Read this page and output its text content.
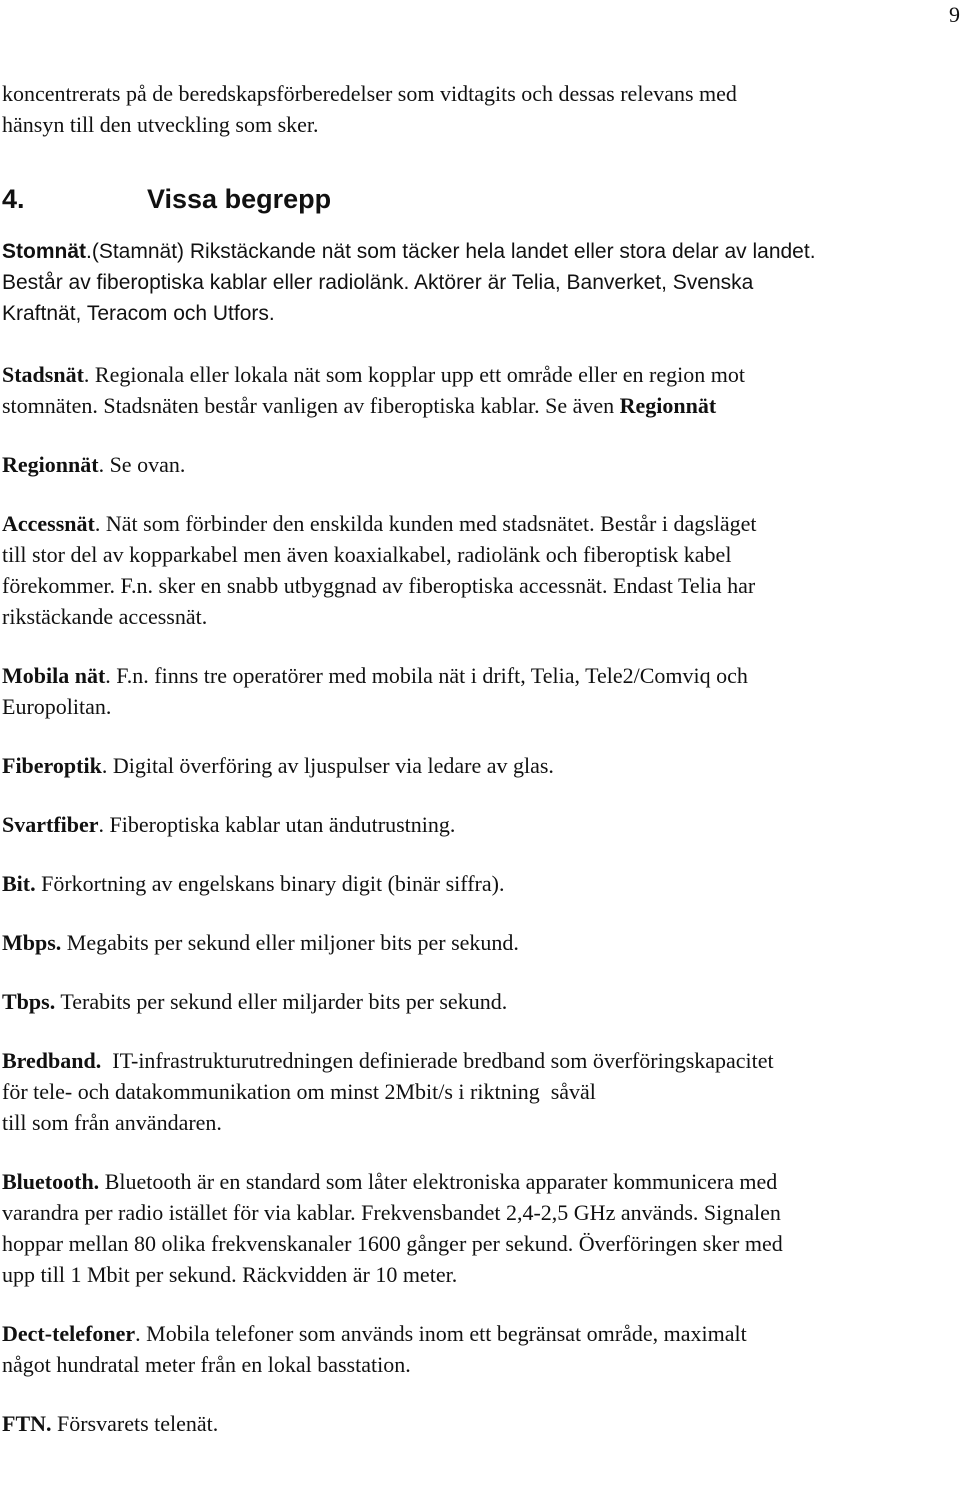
9

koncentrerats på de beredskapsförberedelser som vidtagits och dessas relevans med
hänsyn till den utveckling som sker.

4.	Vissa begrepp

Stomnät.(Stamnät) Rikstäckande nät som täcker hela landet eller stora delar av landet.
Består av fiberoptiska kablar eller radiolänk. Aktörer är Telia, Banverket, Svenska
Kraftnät, Teracom och Utfors.

Stadsnät. Regionala eller lokala nät som kopplar upp ett område eller en region mot
stomnäten. Stadsnäten består vanligen av fiberoptiska kablar. Se även Regionnät

Regionnät. Se ovan.

Accessnät. Nät som förbinder den enskilda kunden med stadsnätet. Består i dagsläget
till stor del av kopparkabel men även koaxialkabel, radiolänk och fiberoptisk kabel
förekommer. F.n. sker en snabb utbyggnad av fiberoptiska accessnät. Endast Telia har
rikstäckande accessnät.

Mobila nät. F.n. finns tre operatörer med mobila nät i drift, Telia, Tele2/Comviq och
Europolitan.

Fiberoptik. Digital överföring av ljuspulser via ledare av glas.

Svartfiber. Fiberoptiska kablar utan ändutrustning.

Bit. Förkortning av engelskans binary digit (binär siffra).

Mbps. Megabits per sekund eller miljoner bits per sekund.

Tbps. Terabits per sekund eller miljarder bits per sekund.

Bredband.  IT-infrastrukturutredningen definierade bredband som överföringskapacitet
för tele- och datakommunikation om minst 2Mbit/s i riktning  såväl
till som från användaren.

Bluetooth. Bluetooth är en standard som låter elektroniska apparater kommunicera med
varandra per radio istället för via kablar. Frekvensbandet 2,4-2,5 GHz används. Signalen
hoppar mellan 80 olika frekvenskanaler 1600 gånger per sekund. Överföringen sker med
upp till 1 Mbit per sekund. Räckvidden är 10 meter.

Dect-telefoner. Mobila telefoner som används inom ett begränsat område, maximalt
något hundratal meter från en lokal basstation.

FTN. Försvarets telenät.
